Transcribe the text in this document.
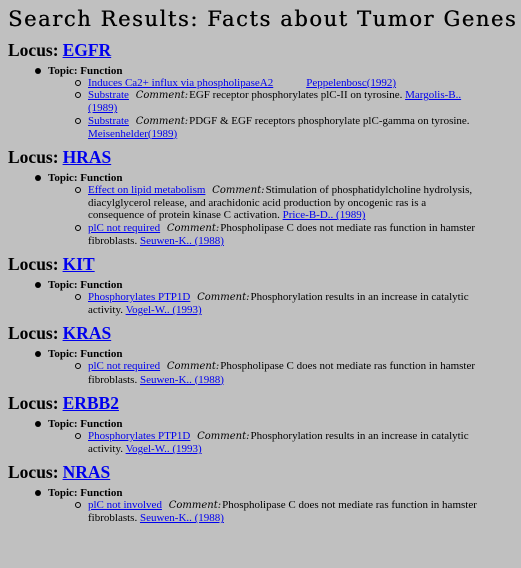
Search Results: Facts about Tumor Genes
Locus: EGFR
Topic: Function
Induces Ca2+ influx via phospholipaseA2	Peppelenbosc(1992)
Substrate Comment:EGF receptor phosphorylates plC-II on tyrosine. Margolis-B.. (1989)
Substrate Comment:PDGF & EGF receptors phosphorylate plC-gamma on tyrosine. Meisenhelder(1989)
Locus: HRAS
Topic: Function
Effect on lipid metabolism Comment:Stimulation of phosphatidylcholine hydrolysis, diacylglycerol release, and arachidonic acid production by oncogenic ras is a consequence of protein kinase C activation. Price-B-D.. (1989)
plC not required Comment:Phospholipase C does not mediate ras function in hamster fibroblasts. Seuwen-K.. (1988)
Locus: KIT
Topic: Function
Phosphorylates PTP1D Comment:Phosphorylation results in an increase in catalytic activity. Vogel-W.. (1993)
Locus: KRAS
Topic: Function
plC not required Comment:Phospholipase C does not mediate ras function in hamster fibroblasts. Seuwen-K.. (1988)
Locus: ERBB2
Topic: Function
Phosphorylates PTP1D Comment:Phosphorylation results in an increase in catalytic activity. Vogel-W.. (1993)
Locus: NRAS
Topic: Function
plC not involved Comment:Phospholipase C does not mediate ras function in hamster fibroblasts. Seuwen-K.. (1988)
